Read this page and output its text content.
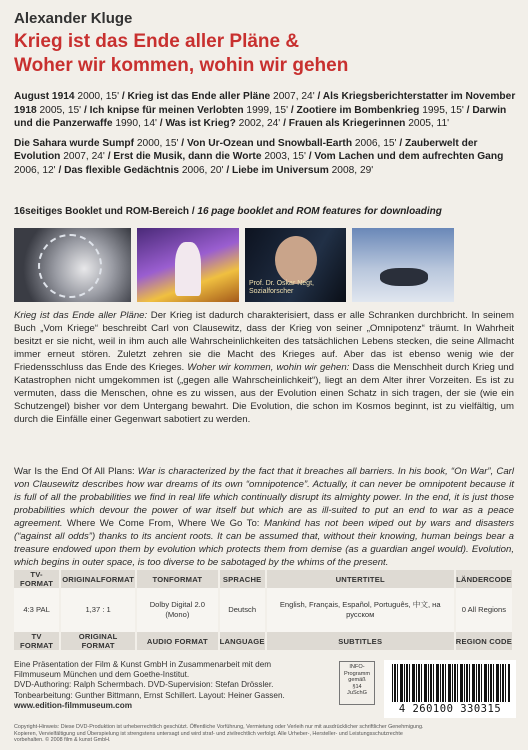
Alexander Kluge
Krieg ist das Ende aller Pläne &
Woher wir kommen, wohin wir gehen

August 1914 2000, 15' / Krieg ist das Ende aller Pläne 2007, 24' / Als Kriegsberichterstatter im November 1918 2005, 15' / Ich knipse für meinen Verlobten 1999, 15' / Zootiere im Bombenkrieg 1995, 15' / Darwin und die Panzerwaffe 1990, 14' / Was ist Krieg? 2002, 24' / Frauen als Kriegerinnen 2005, 11'

Die Sahara wurde Sumpf 2000, 15' / Von Ur-Ozean und Snowball-Earth 2006, 15' / Zauberwelt der Evolution 2007, 24' / Erst die Musik, dann die Worte 2003, 15' / Vom Lachen und dem aufrechten Gang 2006, 12' / Das flexible Gedächtnis 2006, 20' / Liebe im Universum 2008, 29'

16seitiges Booklet und ROM-Bereich / 16 page booklet and ROM features for downloading
Prof. Dr. Oskar Negt, Sozialforscher
Krieg ist das Ende aller Pläne: Der Krieg ist dadurch charakterisiert, dass er alle Schranken durchbricht. In seinem Buch „Vom Kriege“ beschreibt Carl von Clausewitz, dass der Krieg von seiner „Omnipotenz“ träumt. In Wahrheit besitzt er sie nicht, weil in ihm auch alle Wahrscheinlichkeiten des tatsächlichen Lebens stecken, die seine Allmacht immer erneut stören. Zuletzt zehren sie die Macht des Krieges auf. Aber das ist ebenso wenig wie der Friedensschluss das Ende des Krieges. Woher wir kommen, wohin wir gehen: Dass die Menschheit durch Krieg und Katastrophen nicht umgekommen ist („gegen alle Wahrscheinlichkeit“), liegt an dem Alter ihrer Vorzeiten. Es ist zu vermuten, dass die Menschen, ohne es zu wissen, aus der Evolution einen Schatz in sich tragen, der sie (wie ein Schutzengel) bisher vor dem Untergang bewahrt. Die Evolution, die schon im Kosmos beginnt, ist zu vielfältig, um durch die Einfälle einer Gegenwart sabotiert zu werden.
War Is the End Of All Plans: War is characterized by the fact that it breaches all barriers. In his book, “On War”, Carl von Clausewitz describes how war dreams of its own “omnipotence”. Actually, it can never be omnipotent because it is full of all the probabilities we find in real life which continually disrupt its almighty power. In the end, it is just those probabilities which devour the power of war itself but which are as ill-suited to put an end to war as a peace agreement. Where We Come From, Where We Go To: Mankind has not been wiped out by wars and disasters (“against all odds”) thanks to its ancient roots. It can be assumed that, without their knowing, human beings bear a treasure endowed upon them by evolution which protects them from demise (as a guardian angel would). Evolution, which begins in outer space, is too diverse to be sabotaged by the whims of the present.
TV-FORMAT	ORIGINALFORMAT	TONFORMAT	SPRACHE	UNTERTITEL	LÄNDERCODE
4:3 PAL	1,37 : 1	Dolby Digital 2.0 (Mono)	Deutsch	English, Français, Español, Português, 中文, на русском	0 All Regions
TV FORMAT	ORIGINAL FORMAT	AUDIO FORMAT	LANGUAGE	SUBTITLES	REGION CODE
Eine Präsentation der Film & Kunst GmbH in Zusammenarbeit mit dem
Filmmuseum München und dem Goethe-Institut.
DVD-Authoring: Ralph Schermbach. DVD-Supervision: Stefan Drössler.
Tonbearbeitung: Gunther Bittmann, Ernst Schillert. Layout: Heiner Gassen.
www.edition-filmmuseum.com
INFO-
Programm
gemäß
§14
JuSchG
4 260100 330315
Copyright-Hinweis: Diese DVD-Produktion ist urheberrechtlich geschützt. Öffentliche Vorführung, Vermietung oder Verleih nur mit ausdrücklicher schriftlicher Genehmigung.
Kopieren, Vervielfältigung und Überspielung ist strengstens untersagt und wird straf- und zivilrechtlich verfolgt. Alle Urheber-, Hersteller- und Leistungsschutzrechte
vorbehalten. © 2008 film & kunst GmbH.
